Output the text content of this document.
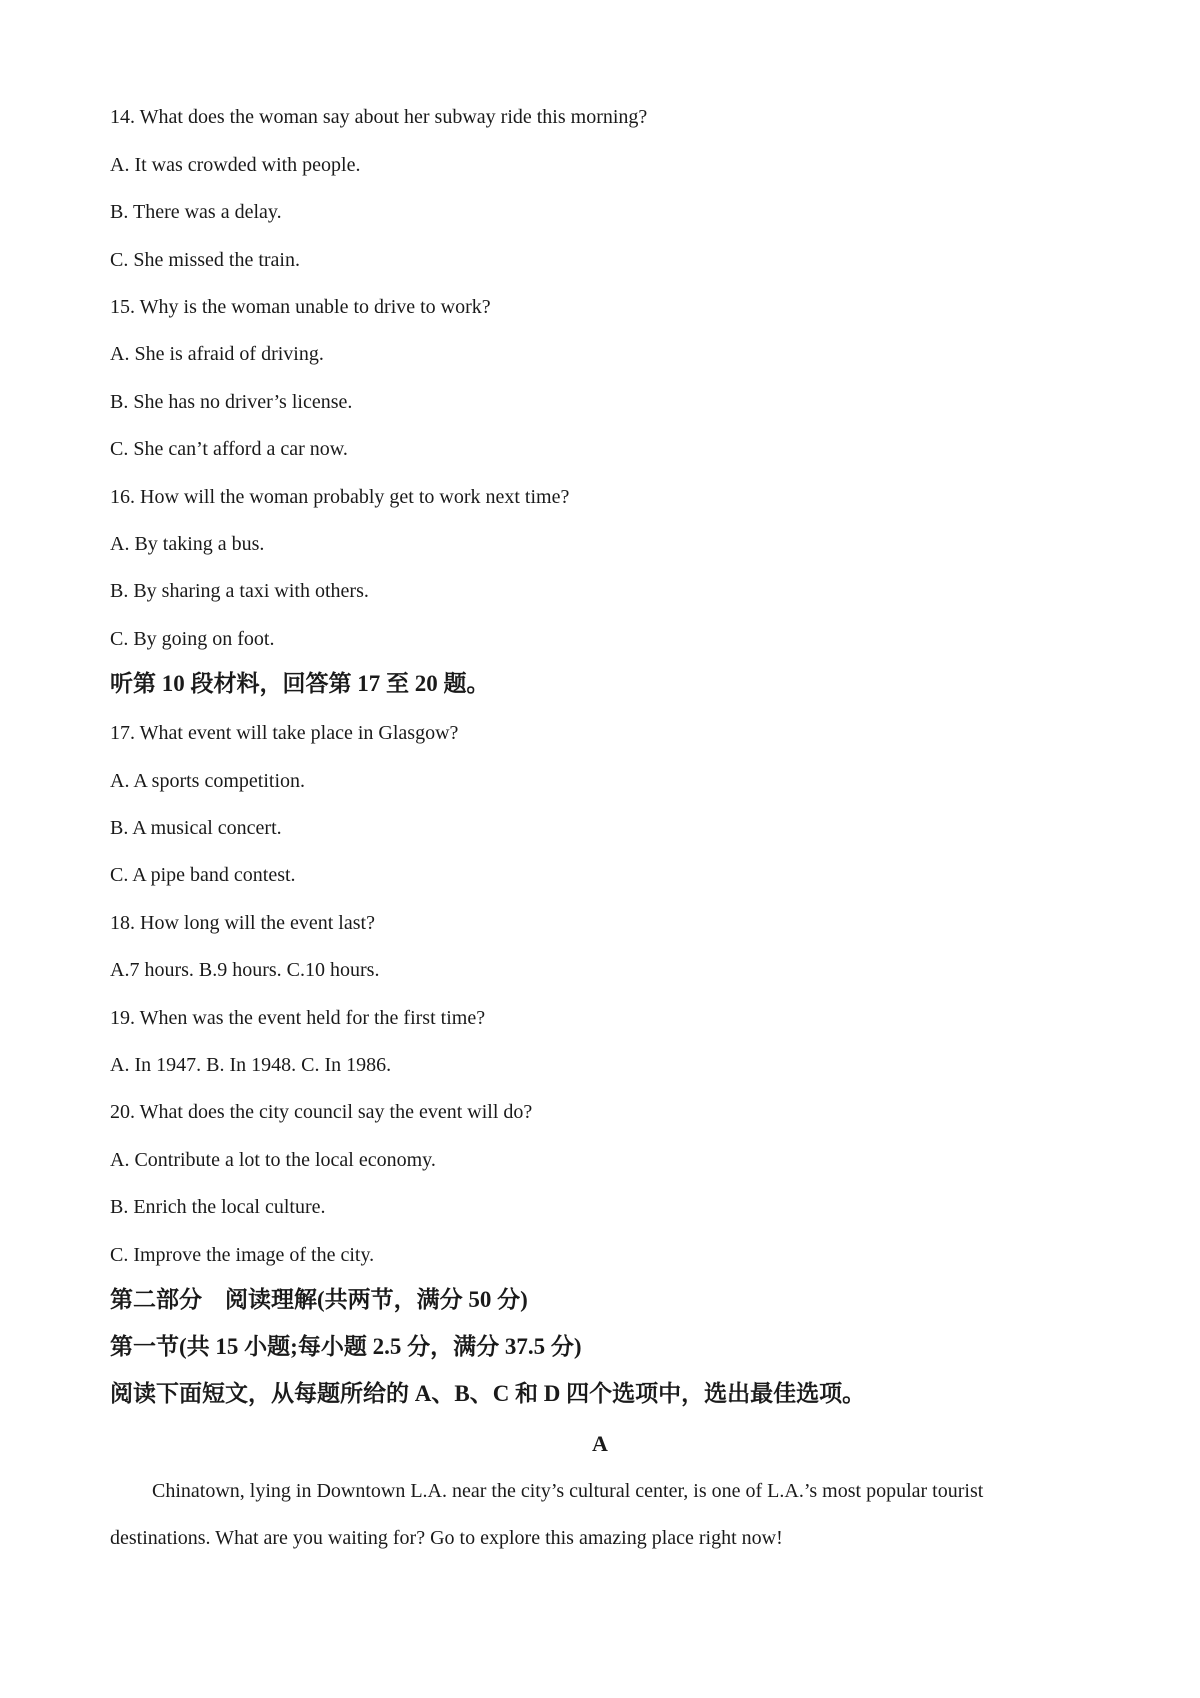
14. What does the woman say about her subway ride this morning?
A. It was crowded with people.
B. There was a delay.
C. She missed the train.
15. Why is the woman unable to drive to work?
A. She is afraid of driving.
B. She has no driver’s license.
C. She can’t afford a car now.
16. How will the woman probably get to work next time?
A. By taking a bus.
B. By sharing a taxi with others.
C. By going on foot.
听第 10 段材料，回答第 17 至 20 题。
17. What event will take place in Glasgow?
A. A sports competition.
B. A musical concert.
C. A pipe band contest.
18. How long will the event last?
A.7 hours. B.9 hours. C.10 hours.
19. When was the event held for the first time?
A. In 1947. B. In 1948. C. In 1986.
20. What does the city council say the event will do?
A. Contribute a lot to the local economy.
B. Enrich the local culture.
C. Improve the image of the city.
第二部分　阅读理解(共两节，满分 50 分)
第一节(共 15 小题;每小题 2.5 分，满分 37.5 分)
阅读下面短文，从每题所给的 A、B、C 和 D 四个选项中，选出最佳选项。
A
Chinatown, lying in Downtown L.A. near the city’s cultural center, is one of L.A.’s most popular tourist
destinations. What are you waiting for? Go to explore this amazing place right now!
